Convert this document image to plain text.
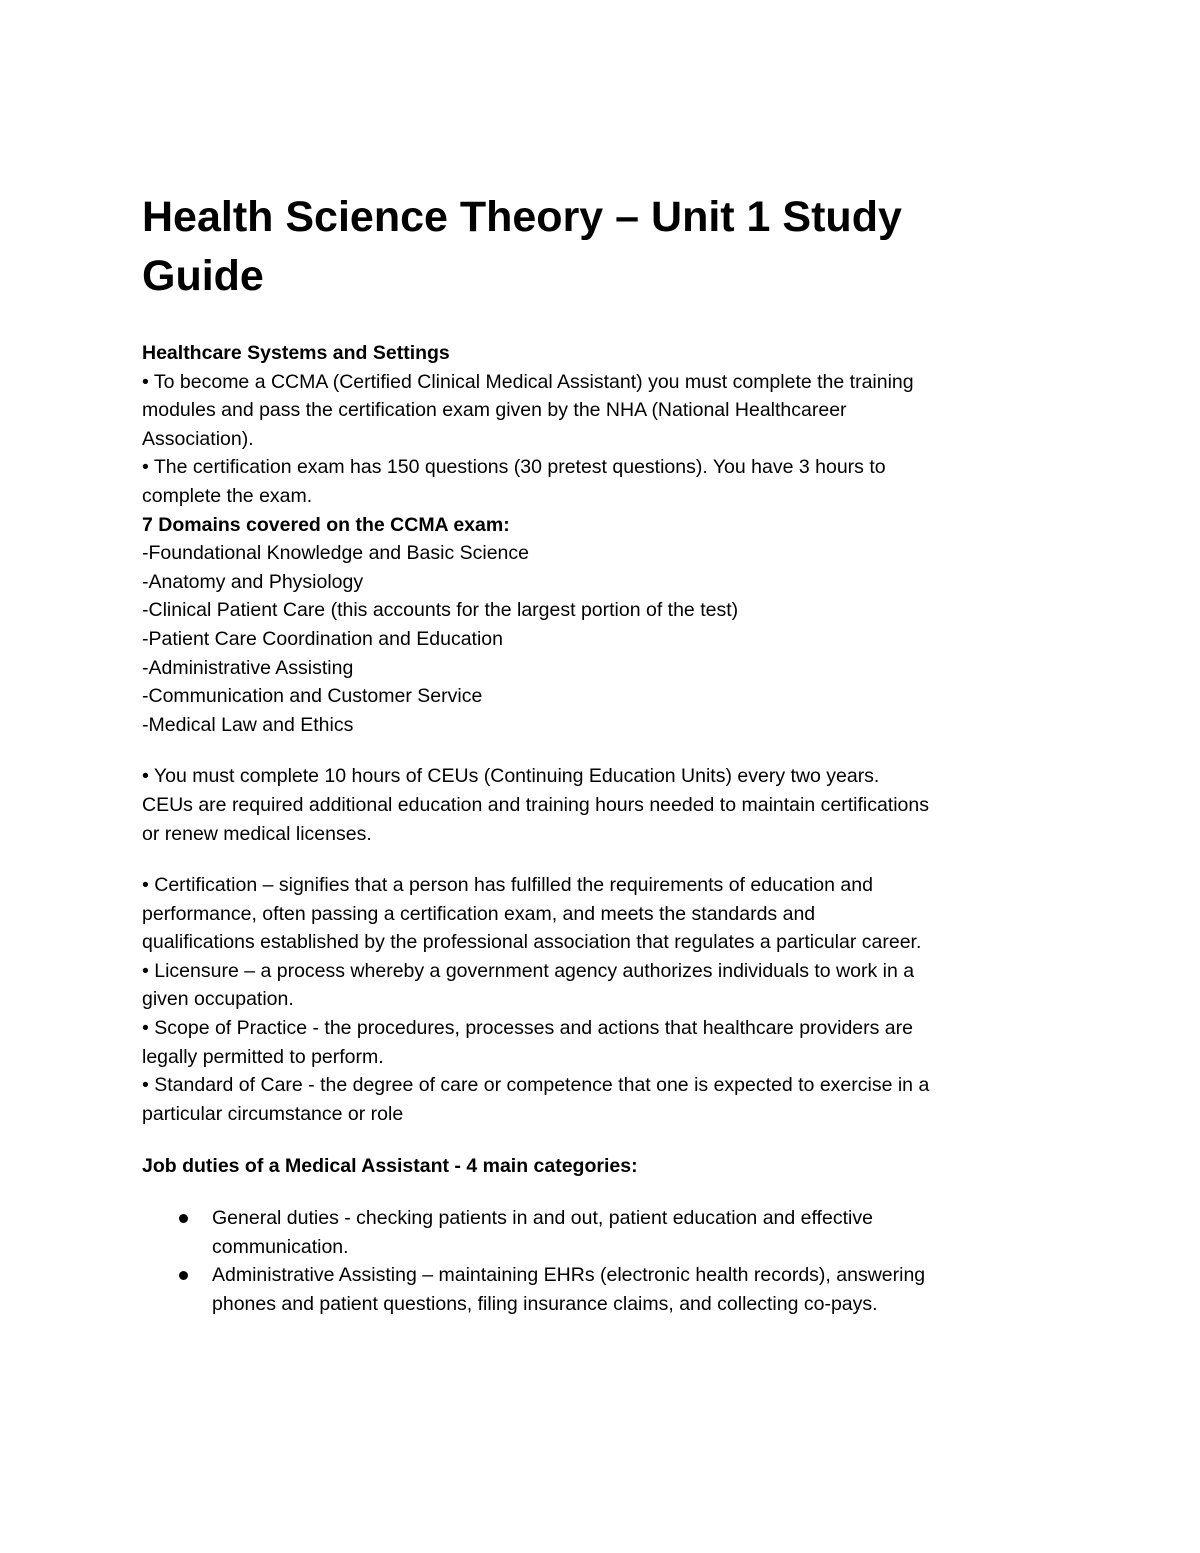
Health Science Theory – Unit 1 Study Guide
Healthcare Systems and Settings

• To become a CCMA (Certified Clinical Medical Assistant) you must complete the training modules and pass the certification exam given by the NHA (National Healthcareer Association).

• The certification exam has 150 questions (30 pretest questions). You have 3 hours to complete the exam.

7 Domains covered on the CCMA exam:

-Foundational Knowledge and Basic Science

-Anatomy and Physiology

-Clinical Patient Care (this accounts for the largest portion of the test)

-Patient Care Coordination and Education

-Administrative Assisting

-Communication and Customer Service

-Medical Law and Ethics

• You must complete 10 hours of CEUs (Continuing Education Units) every two years. CEUs are required additional education and training hours needed to maintain certifications or renew medical licenses.

• Certification – signifies that a person has fulfilled the requirements of education and performance, often passing a certification exam, and meets the standards and qualifications established by the professional association that regulates a particular career.

• Licensure – a process whereby a government agency authorizes individuals to work in a given occupation.

• Scope of Practice - the procedures, processes and actions that healthcare providers are legally permitted to perform.

• Standard of Care - the degree of care or competence that one is expected to exercise in a particular circumstance or role

Job duties of a Medical Assistant - 4 main categories:
General duties - checking patients in and out, patient education and effective communication.
Administrative Assisting – maintaining EHRs (electronic health records), answering phones and patient questions, filing insurance claims, and collecting co-pays.
